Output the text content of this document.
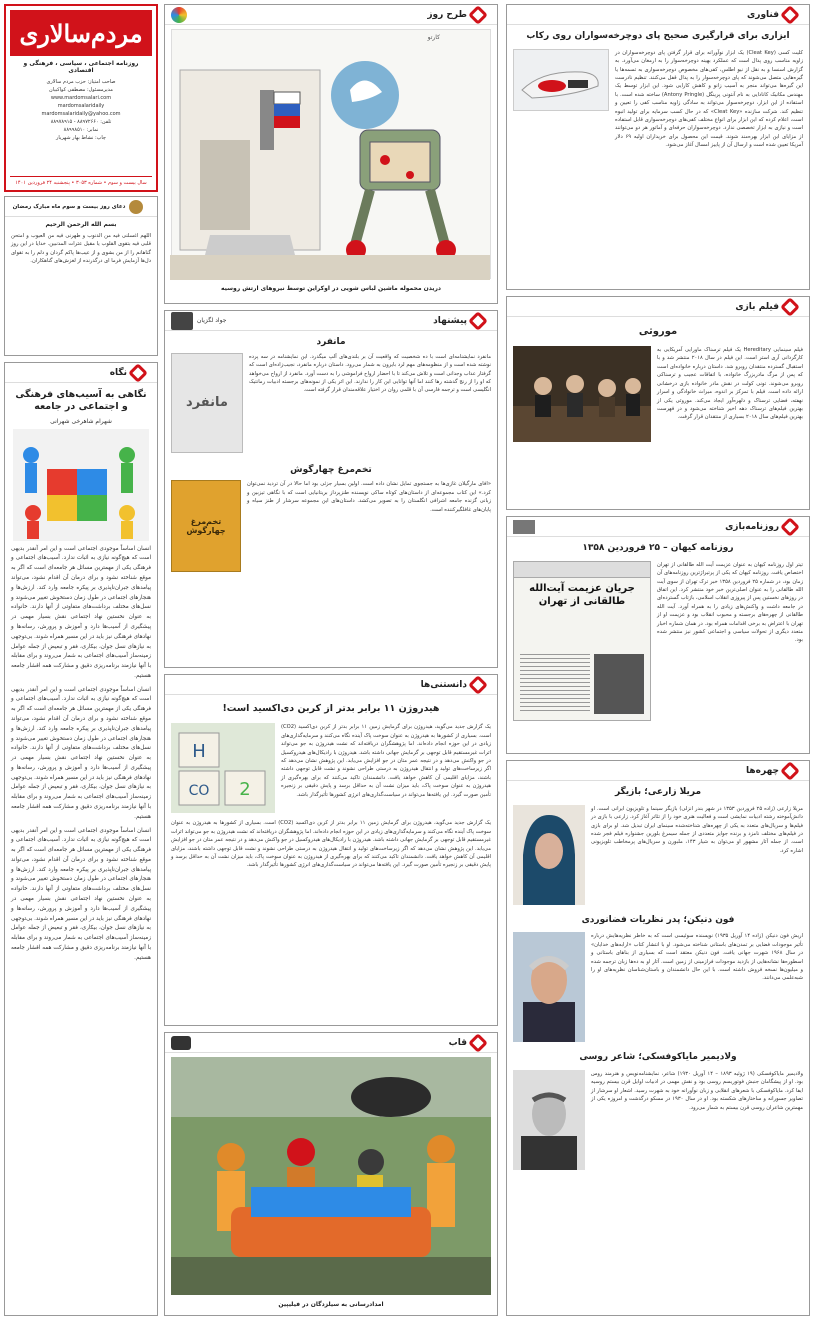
مردم‌سالاری
روزنامه اجتماعی ، سیاسی ، فرهنگی و اقتصادی
صاحب امتیاز: حزب مردم سالاری
مدیرمسئول: مصطفی کواکبیان
www.mardomsalari.com
mardomsalaridaily
mardomsalaridaily@yahoo.com
تلفن: ۸۸۹۷۲۶۶۰ - ۸۸۹۷۸۹۱۵
نمابر: ۸۸۹۹۸۵۱۰
چاپ: نشاط بهار شهریار
سال بیست و سوم • شماره ۳۰۵۳ • پنجشنبه ۲۴ فروردین ۱۴۰۱
دعای روز بیست و سوم ماه مبارک رمضان
بسم الله الرحمن الرحیم
اللهم اغسلنی فیه من الذنوب و طهرنی فیه من العیوب و امتحن قلبی فیه بتقوی القلوب یا مقیل عثرات المذنبین. خدایا در این روز گناهانم را از من بشوی و از عیب‌ها پاکم گردان و دلم را به تقوای دل‌ها آزمایش فرما ای درگذرنده از لغزش‌های گناهکاران.
نگاه
نگاهی به آسیب‌های فرهنگی و اجتماعی در جامعه
شهرام شاهرخی شهرانی
انسان اساساً موجودی اجتماعی است و این امر آنقدر بدیهی است که هیچ‌گونه نیازی به اثبات ندارد. آسیب‌های اجتماعی و فرهنگی یکی از مهمترین مسائل هر جامعه‌ای است که اگر به موقع شناخته نشود و برای درمان آن اقدام نشود، می‌تواند پیامدهای جبران‌ناپذیری بر پیکره جامعه وارد کند. ارزش‌ها و هنجارهای اجتماعی در طول زمان دستخوش تغییر می‌شوند و نسل‌های مختلف برداشت‌های متفاوتی از آنها دارند. خانواده به عنوان نخستین نهاد اجتماعی نقش بسیار مهمی در پیشگیری از آسیب‌ها دارد و آموزش و پرورش، رسانه‌ها و نهادهای فرهنگی نیز باید در این مسیر همراه شوند. بی‌توجهی به نیازهای نسل جوان، بیکاری، فقر و تبعیض از جمله عوامل زمینه‌ساز آسیب‌های اجتماعی به شمار می‌روند و برای مقابله با آنها نیازمند برنامه‌ریزی دقیق و مشارکت همه اقشار جامعه هستیم.
انسان اساساً موجودی اجتماعی است و این امر آنقدر بدیهی است که هیچ‌گونه نیازی به اثبات ندارد. آسیب‌های اجتماعی و فرهنگی یکی از مهمترین مسائل هر جامعه‌ای است که اگر به موقع شناخته نشود و برای درمان آن اقدام نشود، می‌تواند پیامدهای جبران‌ناپذیری بر پیکره جامعه وارد کند. ارزش‌ها و هنجارهای اجتماعی در طول زمان دستخوش تغییر می‌شوند و نسل‌های مختلف برداشت‌های متفاوتی از آنها دارند. خانواده به عنوان نخستین نهاد اجتماعی نقش بسیار مهمی در پیشگیری از آسیب‌ها دارد و آموزش و پرورش، رسانه‌ها و نهادهای فرهنگی نیز باید در این مسیر همراه شوند. بی‌توجهی به نیازهای نسل جوان، بیکاری، فقر و تبعیض از جمله عوامل زمینه‌ساز آسیب‌های اجتماعی به شمار می‌روند و برای مقابله با آنها نیازمند برنامه‌ریزی دقیق و مشارکت همه اقشار جامعه هستیم.
انسان اساساً موجودی اجتماعی است و این امر آنقدر بدیهی است که هیچ‌گونه نیازی به اثبات ندارد. آسیب‌های اجتماعی و فرهنگی یکی از مهمترین مسائل هر جامعه‌ای است که اگر به موقع شناخته نشود و برای درمان آن اقدام نشود، می‌تواند پیامدهای جبران‌ناپذیری بر پیکره جامعه وارد کند. ارزش‌ها و هنجارهای اجتماعی در طول زمان دستخوش تغییر می‌شوند و نسل‌های مختلف برداشت‌های متفاوتی از آنها دارند. خانواده به عنوان نخستین نهاد اجتماعی نقش بسیار مهمی در پیشگیری از آسیب‌ها دارد و آموزش و پرورش، رسانه‌ها و نهادهای فرهنگی نیز باید در این مسیر همراه شوند. بی‌توجهی به نیازهای نسل جوان، بیکاری، فقر و تبعیض از جمله عوامل زمینه‌ساز آسیب‌های اجتماعی به شمار می‌روند و برای مقابله با آنها نیازمند برنامه‌ریزی دقیق و مشارکت همه اقشار جامعه هستیم.
طرح روز
کارتو
دریدن محموله ماشین لباس شویی در اوکراین توسط نیروهای ارتش روسیه
پیشنهاد
جواد لگزیان
مانفرد
مانفرد نمایشنامه‌ای است با ده شخصیت که واقعیت آن بر بلندی‌های آلپ میگذرد. این نمایشنامه در سه پرده نوشته شده است و از منظومه‌های مهم لرد بایرون به شمار می‌رود. داستان درباره مانفرد، نجیب‌زاده‌ای است که گرفتار عذاب وجدانی است و تلاش می‌کند تا با احضار ارواح فراموشی را به دست آورد. مانفرد از ارواح می‌خواهد که او را از رنج گذشته رها کنند اما آنها توانایی این کار را ندارند. این اثر یکی از نمونه‌های برجسته ادبیات رمانتیک انگلیسی است و ترجمه فارسی آن با قلمی روان در اختیار علاقه‌مندان قرار گرفته است.
مانفرد
تخم‌مرغ چهارگوش
«افای مارگیلان غازی‌ها به جستجوی تمایل نشان داده است. اولین بسیار جزئی بود اما حالا در آن تردید نمی‌توان کرد.» این کتاب مجموعه‌ای از داستان‌های کوتاه ساکی نویسنده طنزپرداز بریتانیایی است که با نگاهی تیزبین و زبانی گزنده جامعه اشرافی انگلستان را به تصویر می‌کشد. داستان‌های این مجموعه سرشار از طنز سیاه و پایان‌های غافلگیرکننده است.
تخم‌مرغ چهارگوش
دانستنی‌ها
هیدروژن ۱۱ برابر بدتر از کربن دی‌اکسید است!
یک گزارش جدید می‌گوید، هیدروژن برای گرمایش زمین ۱۱ برابر بدتر از کربن دی‌اکسید (CO2) است. بسیاری از کشورها به هیدروژن به عنوان سوخت پاک آینده نگاه می‌کنند و سرمایه‌گذاری‌های زیادی در این حوزه انجام داده‌اند. اما پژوهشگران دریافته‌اند که نشت هیدروژن به جو می‌تواند اثرات غیرمستقیم قابل توجهی بر گرمایش جهانی داشته باشد. هیدروژن با رادیکال‌های هیدروکسیل در جو واکنش می‌دهد و در نتیجه عمر متان در جو افزایش می‌یابد. این پژوهش نشان می‌دهد که اگر زیرساخت‌های تولید و انتقال هیدروژن به درستی طراحی نشوند و نشت قابل توجهی داشته باشند، مزایای اقلیمی آن کاهش خواهد یافت. دانشمندان تاکید می‌کنند که برای بهره‌گیری از هیدروژن به عنوان سوخت پاک، باید میزان نشت آن به حداقل برسد و پایش دقیقی بر زنجیره تأمین صورت گیرد. این یافته‌ها می‌تواند در سیاست‌گذاری‌های انرژی کشورها تأثیرگذار باشد.
H
CO 2
یک گزارش جدید می‌گوید، هیدروژن برای گرمایش زمین ۱۱ برابر بدتر از کربن دی‌اکسید (CO2) است. بسیاری از کشورها به هیدروژن به عنوان سوخت پاک آینده نگاه می‌کنند و سرمایه‌گذاری‌های زیادی در این حوزه انجام داده‌اند. اما پژوهشگران دریافته‌اند که نشت هیدروژن به جو می‌تواند اثرات غیرمستقیم قابل توجهی بر گرمایش جهانی داشته باشد. هیدروژن با رادیکال‌های هیدروکسیل در جو واکنش می‌دهد و در نتیجه عمر متان در جو افزایش می‌یابد. این پژوهش نشان می‌دهد که اگر زیرساخت‌های تولید و انتقال هیدروژن به درستی طراحی نشوند و نشت قابل توجهی داشته باشند، مزایای اقلیمی آن کاهش خواهد یافت. دانشمندان تاکید می‌کنند که برای بهره‌گیری از هیدروژن به عنوان سوخت پاک، باید میزان نشت آن به حداقل برسد و پایش دقیقی بر زنجیره تأمین صورت گیرد. این یافته‌ها می‌تواند در سیاست‌گذاری‌های انرژی کشورها تأثیرگذار باشد.
قاب
امدادرسانی به سیلزدگان در فیلیپین
فناوری
ابزاری برای قرارگیری صحیح پای دوچرخه‌سواران روی رکاب
کلیت کسی (Cleat Key) یک ابزار نوآورانه برای قرار گرفتن پای دوچرخه‌سواران در زاویه مناسب روی پدال است که عملکرد بهینه دوچرخه‌سوار را به ارمغان می‌آورد. به گزارش اسنسا و به نقل از نیو اطلس، کفی‌های مخصوص دوچرخه‌سواری به تسمه‌ها یا گیره‌هایی متصل می‌شوند که پای دوچرخه‌سوار را به پدال قفل می‌کنند. تنظیم نادرست این گیره‌ها می‌تواند منجر به آسیب زانو و کاهش کارایی شود. این ابزار توسط یک مهندس مکانیک کانادایی به نام آنتونی پرینگل (Antony Pringle) ساخته شده است. با استفاده از این ابزار، دوچرخه‌سوار می‌تواند به سادگی زاویه مناسب کفی را تعیین و تنظیم کند. شرکت سازنده «Cleat Key» که در حال کسب سرمایه برای تولید انبوه است، اعلام کرده که این ابزار برای انواع مختلف کفی‌های دوچرخه‌سواری قابل استفاده است و نیازی به ابزار تخصصی ندارد. دوچرخه‌سواران حرفه‌ای و آماتور هر دو می‌توانند از مزایای این ابزار بهره‌مند شوند. قیمت این محصول برای خریداران اولیه ۶۹ دلار آمریکا تعیین شده است و ارسال آن از پاییز امسال آغاز می‌شود.
فیلم بازی
موروثی
فیلم سینمایی Hereditary یک فیلم ترسناک ماورایی آمریکایی به کارگردانی آری استر است. این فیلم در سال ۲۰۱۸ منتشر شد و با استقبال گسترده منتقدان روبرو شد. داستان درباره خانواده‌ای است که پس از مرگ مادربزرگ خانواده، با اتفاقات عجیب و ترسناکی روبرو می‌شوند. تونی کولت در نقش مادر خانواده بازی درخشانی ارائه داده است. فیلم با تمرکز بر اندوه، میراث خانوادگی و اسرار نهفته، فضایی ترسناک و دلهره‌آور ایجاد می‌کند. موروثی یکی از بهترین فیلم‌های ترسناک دهه اخیر شناخته می‌شود و در فهرست بهترین فیلم‌های سال ۲۰۱۸ بسیاری از منتقدان قرار گرفت.
روزنامه‌بازی
روزنامه کیهان – ۲۵ فروردین ۱۳۵۸
تیتر اول روزنامه کیهان به عنوان عزیمت آیت الله طالقانی از تهران اختصاص یافت. روزنامه کیهان که یکی از پرتیراژترین روزنامه‌های آن زمان بود، در شماره ۲۵ فروردین ۱۳۵۸ خبر ترک تهران از سوی آیت الله طالقانی را به عنوان اصلی‌ترین خبر خود منتشر کرد. این اتفاق در روزهای نخستین پس از پیروزی انقلاب اسلامی، بازتاب گسترده‌ای در جامعه داشت و واکنش‌های زیادی را به همراه آورد. آیت الله طالقانی از چهره‌های برجسته و محبوب انقلاب بود و عزیمت او از تهران با اعتراض به برخی اقدامات همراه بود. در همان شماره اخبار متعدد دیگری از تحولات سیاسی و اجتماعی کشور نیز منتشر شده بود.
جریان عزیمت آیت‌الله طالقانی از تهران
چهره‌ها
مریلا زارعی؛ بازیگر
مریلا زارعی (زاده ۲۵ فروردین ۱۳۵۳ در شهر بندر انزلی) بازیگر سینما و تلویزیون ایرانی است. او دانش‌آموخته رشته ادبیات نمایشی است و فعالیت هنری خود را از تئاتر آغاز کرد. زارعی با بازی در فیلم‌ها و سریال‌های متعدد به یکی از چهره‌های شناخته‌شده سینمای ایران تبدیل شد. او برای بازی در فیلم‌های مختلف نامزد و برنده جوایز متعددی از جمله سیمرغ بلورین جشنواره فیلم فجر شده است. از جمله آثار مشهور او می‌توان به شیار ۱۴۳، ملبورن و سریال‌های پرمخاطب تلویزیونی اشاره کرد.
فون دنیکن؛ پدر نظریات فضانوردی
اریش فون دنیکن (زاده ۱۴ آوریل ۱۹۳۵) نویسنده سوئیسی است که به خاطر نظریه‌هایش درباره تأثیر موجودات فضایی بر تمدن‌های باستانی شناخته می‌شود. او با انتشار کتاب «ارابه‌های خدایان» در سال ۱۹۶۸ شهرت جهانی یافت. فون دنیکن معتقد است که بسیاری از بناهای باستانی و اسطوره‌ها نشانه‌هایی از بازدید موجودات فرازمینی از زمین است. آثار او به ده‌ها زبان ترجمه شده و میلیون‌ها نسخه فروش داشته است. با این حال دانشمندان و باستان‌شناسان نظریه‌های او را شبه‌علمی می‌دانند.
ولادیمیر مایاکوفسکی؛ شاعر روسی
ولادیمیر مایاکوفسکی (۱۹ ژوئیه ۱۸۹۳ – ۱۴ آوریل ۱۹۳۰) شاعر، نمایشنامه‌نویس و هنرمند روس بود. او از پیشگامان جنبش فوتوریسم روسی بود و نقش مهمی در ادبیات اوایل قرن بیستم روسیه ایفا کرد. مایاکوفسکی با شعرهای انقلابی و زبان نوآورانه خود به شهرت رسید. اشعار او سرشار از تصاویر جسورانه و ساختارهای شکسته بود. او در سال ۱۹۳۰ در مسکو درگذشت و امروزه یکی از مهمترین شاعران روسی قرن بیستم به شمار می‌رود.
